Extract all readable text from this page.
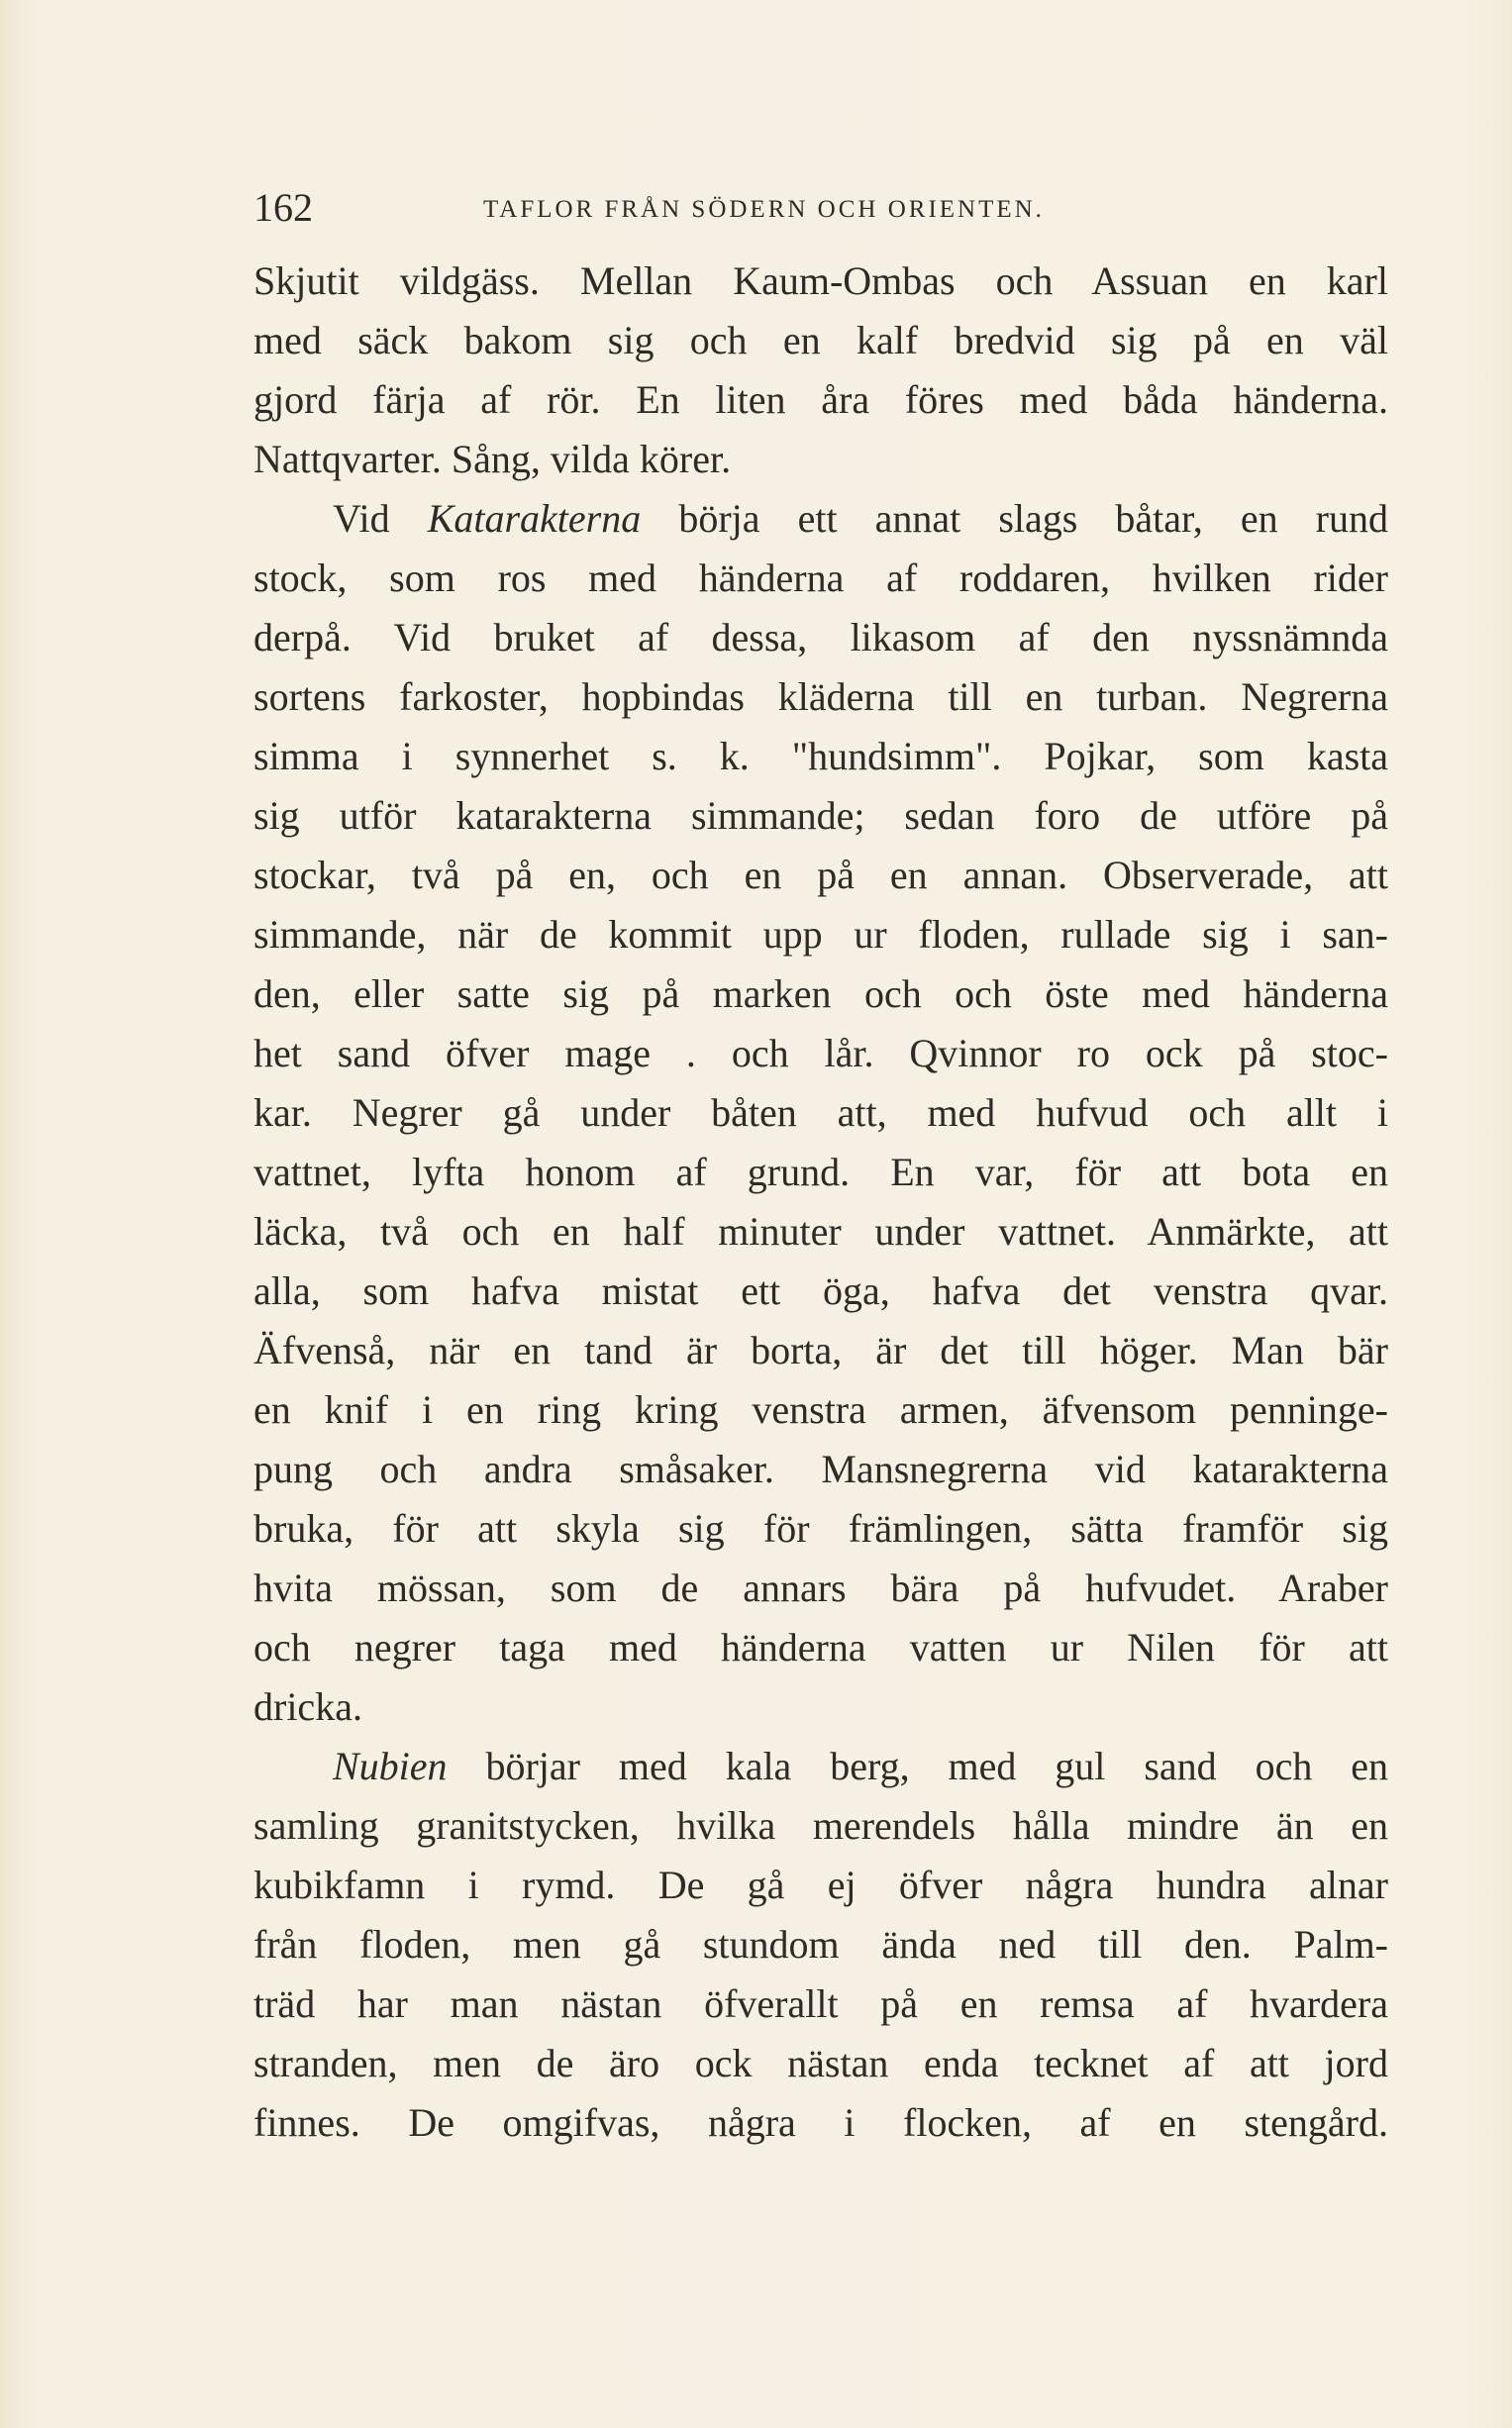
162	TAFLOR FRÅN SÖDERN OCH ORIENTEN.
Skjutit vildgäss. Mellan Kaum-Ombas och Assuan en karl
med säck bakom sig och en kalf bredvid sig på en väl
gjord färja af rör. En liten åra föres med båda händerna.
Nattqvarter. Sång, vilda körer.
Vid Katarakterna börja ett annat slags båtar, en rund
stock, som ros med händerna af roddaren, hvilken rider
derpå. Vid bruket af dessa, likasom af den nyssnämnda
sortens farkoster, hopbindas kläderna till en turban. Negrerna
simma i synnerhet s. k. "hundsimm". Pojkar, som kasta
sig utför katarakterna simmande; sedan foro de utföre på
stockar, två på en, och en på en annan. Observerade, att
simmande, när de kommit upp ur floden, rullade sig i san-
den, eller satte sig på marken och och öste med händerna
het sand öfver mage . och lår. Qvinnor ro ock på stoc-
kar. Negrer gå under båten att, med hufvud och allt i
vattnet, lyfta honom af grund. En var, för att bota en
läcka, två och en half minuter under vattnet. Anmärkte, att
alla, som hafva mistat ett öga, hafva det venstra qvar.
Äfvenså, när en tand är borta, är det till höger. Man bär
en knif i en ring kring venstra armen, äfvensom penninge-
pung och andra småsaker. Mansnegrerna vid katarakterna
bruka, för att skyla sig för främlingen, sätta framför sig
hvita mössan, som de annars bära på hufvudet. Araber
och negrer taga med händerna vatten ur Nilen för att
dricka.
Nubien börjar med kala berg, med gul sand och en
samling granitstycken, hvilka merendels hålla mindre än en
kubikfamn i rymd. De gå ej öfver några hundra alnar
från floden, men gå stundom ända ned till den. Palm-
träd har man nästan öfverallt på en remsa af hvardera
stranden, men de äro ock nästan enda tecknet af att jord
finnes. De omgifvas, några i flocken, af en stengård.
